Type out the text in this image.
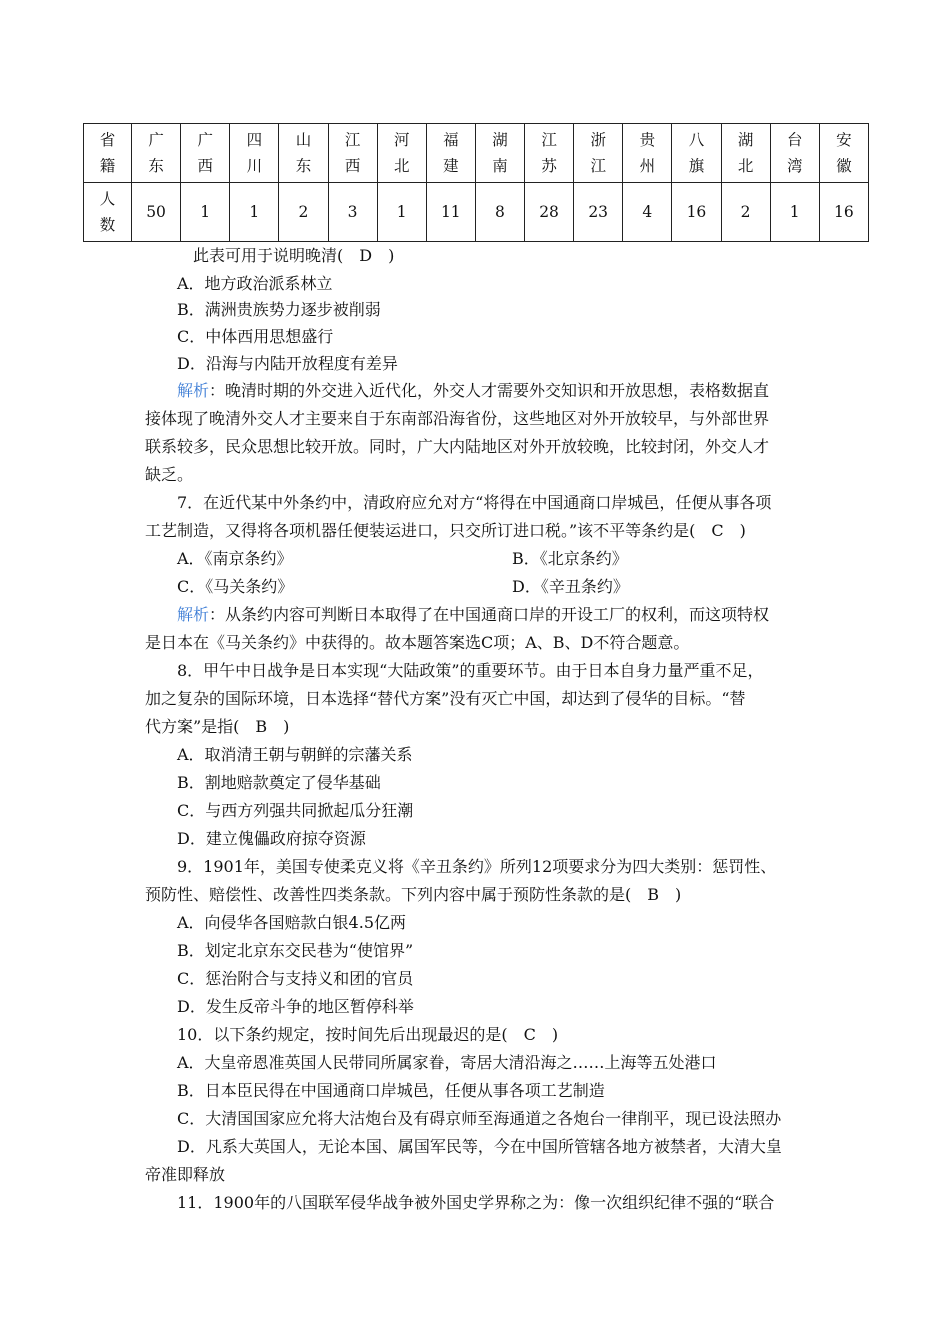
省籍	广东	广西	四川	山东	江西	河北	福建	湖南	江苏	浙江	贵州	八旗	湖北	台湾	安徽

人数	50	1	1	2	3	1	11	8	28	23	4	16	2	1	16
此表可用于说明晚清(　D　)
A．地方政治派系林立
B．满洲贵族势力逐步被削弱
C．中体西用思想盛行
D．沿海与内陆开放程度有差异
解析：晚清时期的外交进入近代化，外交人才需要外交知识和开放思想，表格数据直
接体现了晚清外交人才主要来自于东南部沿海省份，这些地区对外开放较早，与外部世界
联系较多，民众思想比较开放。同时，广大内陆地区对外开放较晚，比较封闭，外交人才
缺乏。
7．在近代某中外条约中，清政府应允对方“将得在中国通商口岸城邑，任便从事各项
工艺制造，又得将各项机器任便装运进口，只交所订进口税。”该不平等条约是(　C　)
A．《南京条约》	B．《北京条约》
C．《马关条约》	D．《辛丑条约》
解析：从条约内容可判断日本取得了在中国通商口岸的开设工厂的权利，而这项特权
是日本在《马关条约》中获得的。故本题答案选C项；A、B、D不符合题意。
8．甲午中日战争是日本实现“大陆政策”的重要环节。由于日本自身力量严重不足，
加之复杂的国际环境，日本选择“替代方案”没有灭亡中国，却达到了侵华的目标。“替
代方案”是指(　B　)
A．取消清王朝与朝鲜的宗藩关系
B．割地赔款奠定了侵华基础
C．与西方列强共同掀起瓜分狂潮
D．建立傀儡政府掠夺资源
9．1901年，美国专使柔克义将《辛丑条约》所列12项要求分为四大类别：惩罚性、
预防性、赔偿性、改善性四类条款。下列内容中属于预防性条款的是(　B　)
A．向侵华各国赔款白银4.5亿两
B．划定北京东交民巷为“使馆界”
C．惩治附合与支持义和团的官员
D．发生反帝斗争的地区暂停科举
10．以下条约规定，按时间先后出现最迟的是(　C　)
A．大皇帝恩准英国人民带同所属家眷，寄居大清沿海之……上海等五处港口
B．日本臣民得在中国通商口岸城邑，任便从事各项工艺制造
C．大清国国家应允将大沽炮台及有碍京师至海通道之各炮台一律削平，现已设法照办
D．凡系大英国人，无论本国、属国军民等，今在中国所管辖各地方被禁者，大清大皇
帝准即释放
11．1900年的八国联军侵华战争被外国史学界称之为：像一次组织纪律不强的“联合
